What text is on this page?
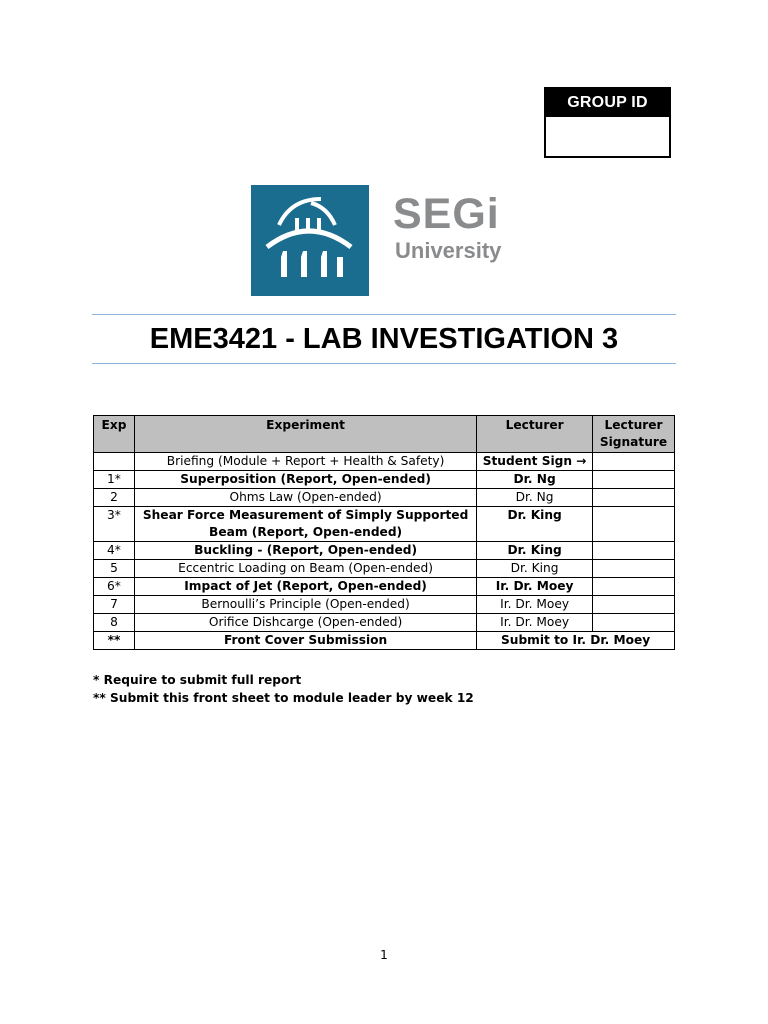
GROUP ID
SEGi
University
EME3421 - LAB INVESTIGATION 3
Exp	Experiment	Lecturer	Lecturer Signature
	Briefing (Module + Report + Health & Safety)	Student Sign →	
1*	Superposition (Report, Open-ended)	Dr. Ng	
2	Ohms Law (Open-ended)	Dr. Ng	
3*	Shear Force Measurement of Simply Supported Beam (Report, Open-ended)	Dr. King	
4*	Buckling - (Report, Open-ended)	Dr. King	
5	Eccentric Loading on Beam (Open-ended)	Dr. King	
6*	Impact of Jet (Report, Open-ended)	Ir. Dr. Moey	
7	Bernoulli’s Principle (Open-ended)	Ir. Dr. Moey	
8	Orifice Dishcarge (Open-ended)	Ir. Dr. Moey	
**	Front Cover Submission	Submit to Ir. Dr. Moey	
* Require to submit full report
** Submit this front sheet to module leader by week 12
1
